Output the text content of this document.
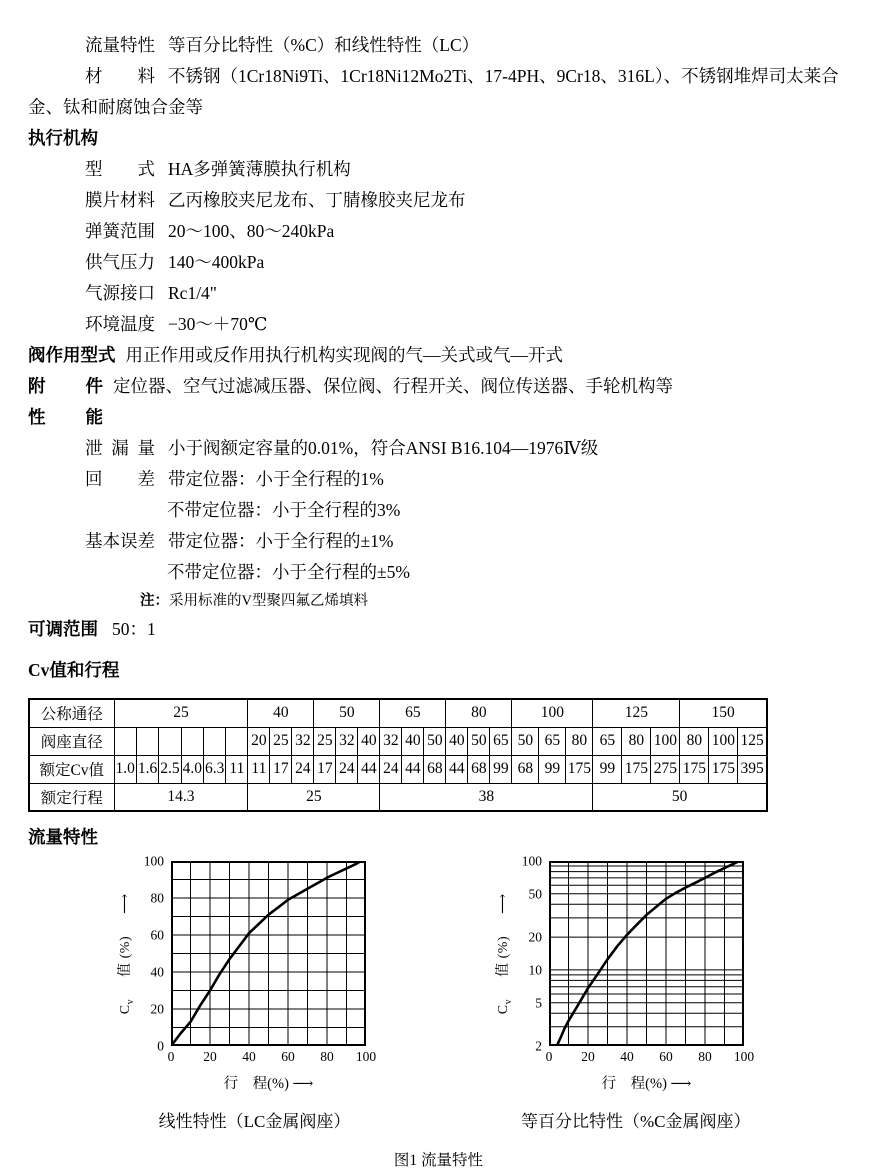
流量特性 等百分比特性（%C）和线性特性（LC）

材料 不锈钢（1Cr18Ni9Ti、1Cr18Ni12Mo2Ti、17-4PH、9Cr18、316L）、不锈钢堆焊司太莱合金、钛和耐腐蚀合金等

执行机构

型式 HA多弹簧薄膜执行机构

膜片材料 乙丙橡胶夹尼龙布、丁腈橡胶夹尼龙布

弹簧范围 20～100、80～240kPa

供气压力 140～400kPa

气源接口 Rc1/4"

环境温度 −30～＋70℃

阀作用型式 用正作用或反作用执行机构实现阀的气—关式或气—开式

附件 定位器、空气过滤减压器、保位阀、行程开关、阀位传送器、手轮机构等

性能

泄漏量 小于阀额定容量的0.01%，符合ANSI B16.104—1976Ⅳ级

回差 带定位器：小于全行程的1%

不带定位器：小于全行程的3%

基本误差 带定位器：小于全行程的±1%

不带定位器：小于全行程的±5%

注：采用标准的V型聚四氟乙烯填料

可调范围 50：1

Cv值和行程
公称通径	25						40			50			65			80			100			125			150		
阀座直径							20	25	32	25	32	40	32	40	50	40	50	65	50	65	80	65	80	100	80	100	125
额定Cv值	1.0	1.6	2.5	4.0	6.3	11	11	17	24	17	24	44	24	44	68	44	68	99	68	99	175	99	175	275	175	175	395
额定行程	14.3						25						38									50					
流量特性
$C_v$值 (%)⟶
0
20
40
60
80
100
0 20 40 60 80 100
行　程(%) ⟶
线性特性（LC金属阀座）
$C_v$值 (%)⟶
2
5
10
20
50
100
0 20 40 60 80 100
行　程(%) ⟶
等百分比特性（%C金属阀座）

图1 流量特性
